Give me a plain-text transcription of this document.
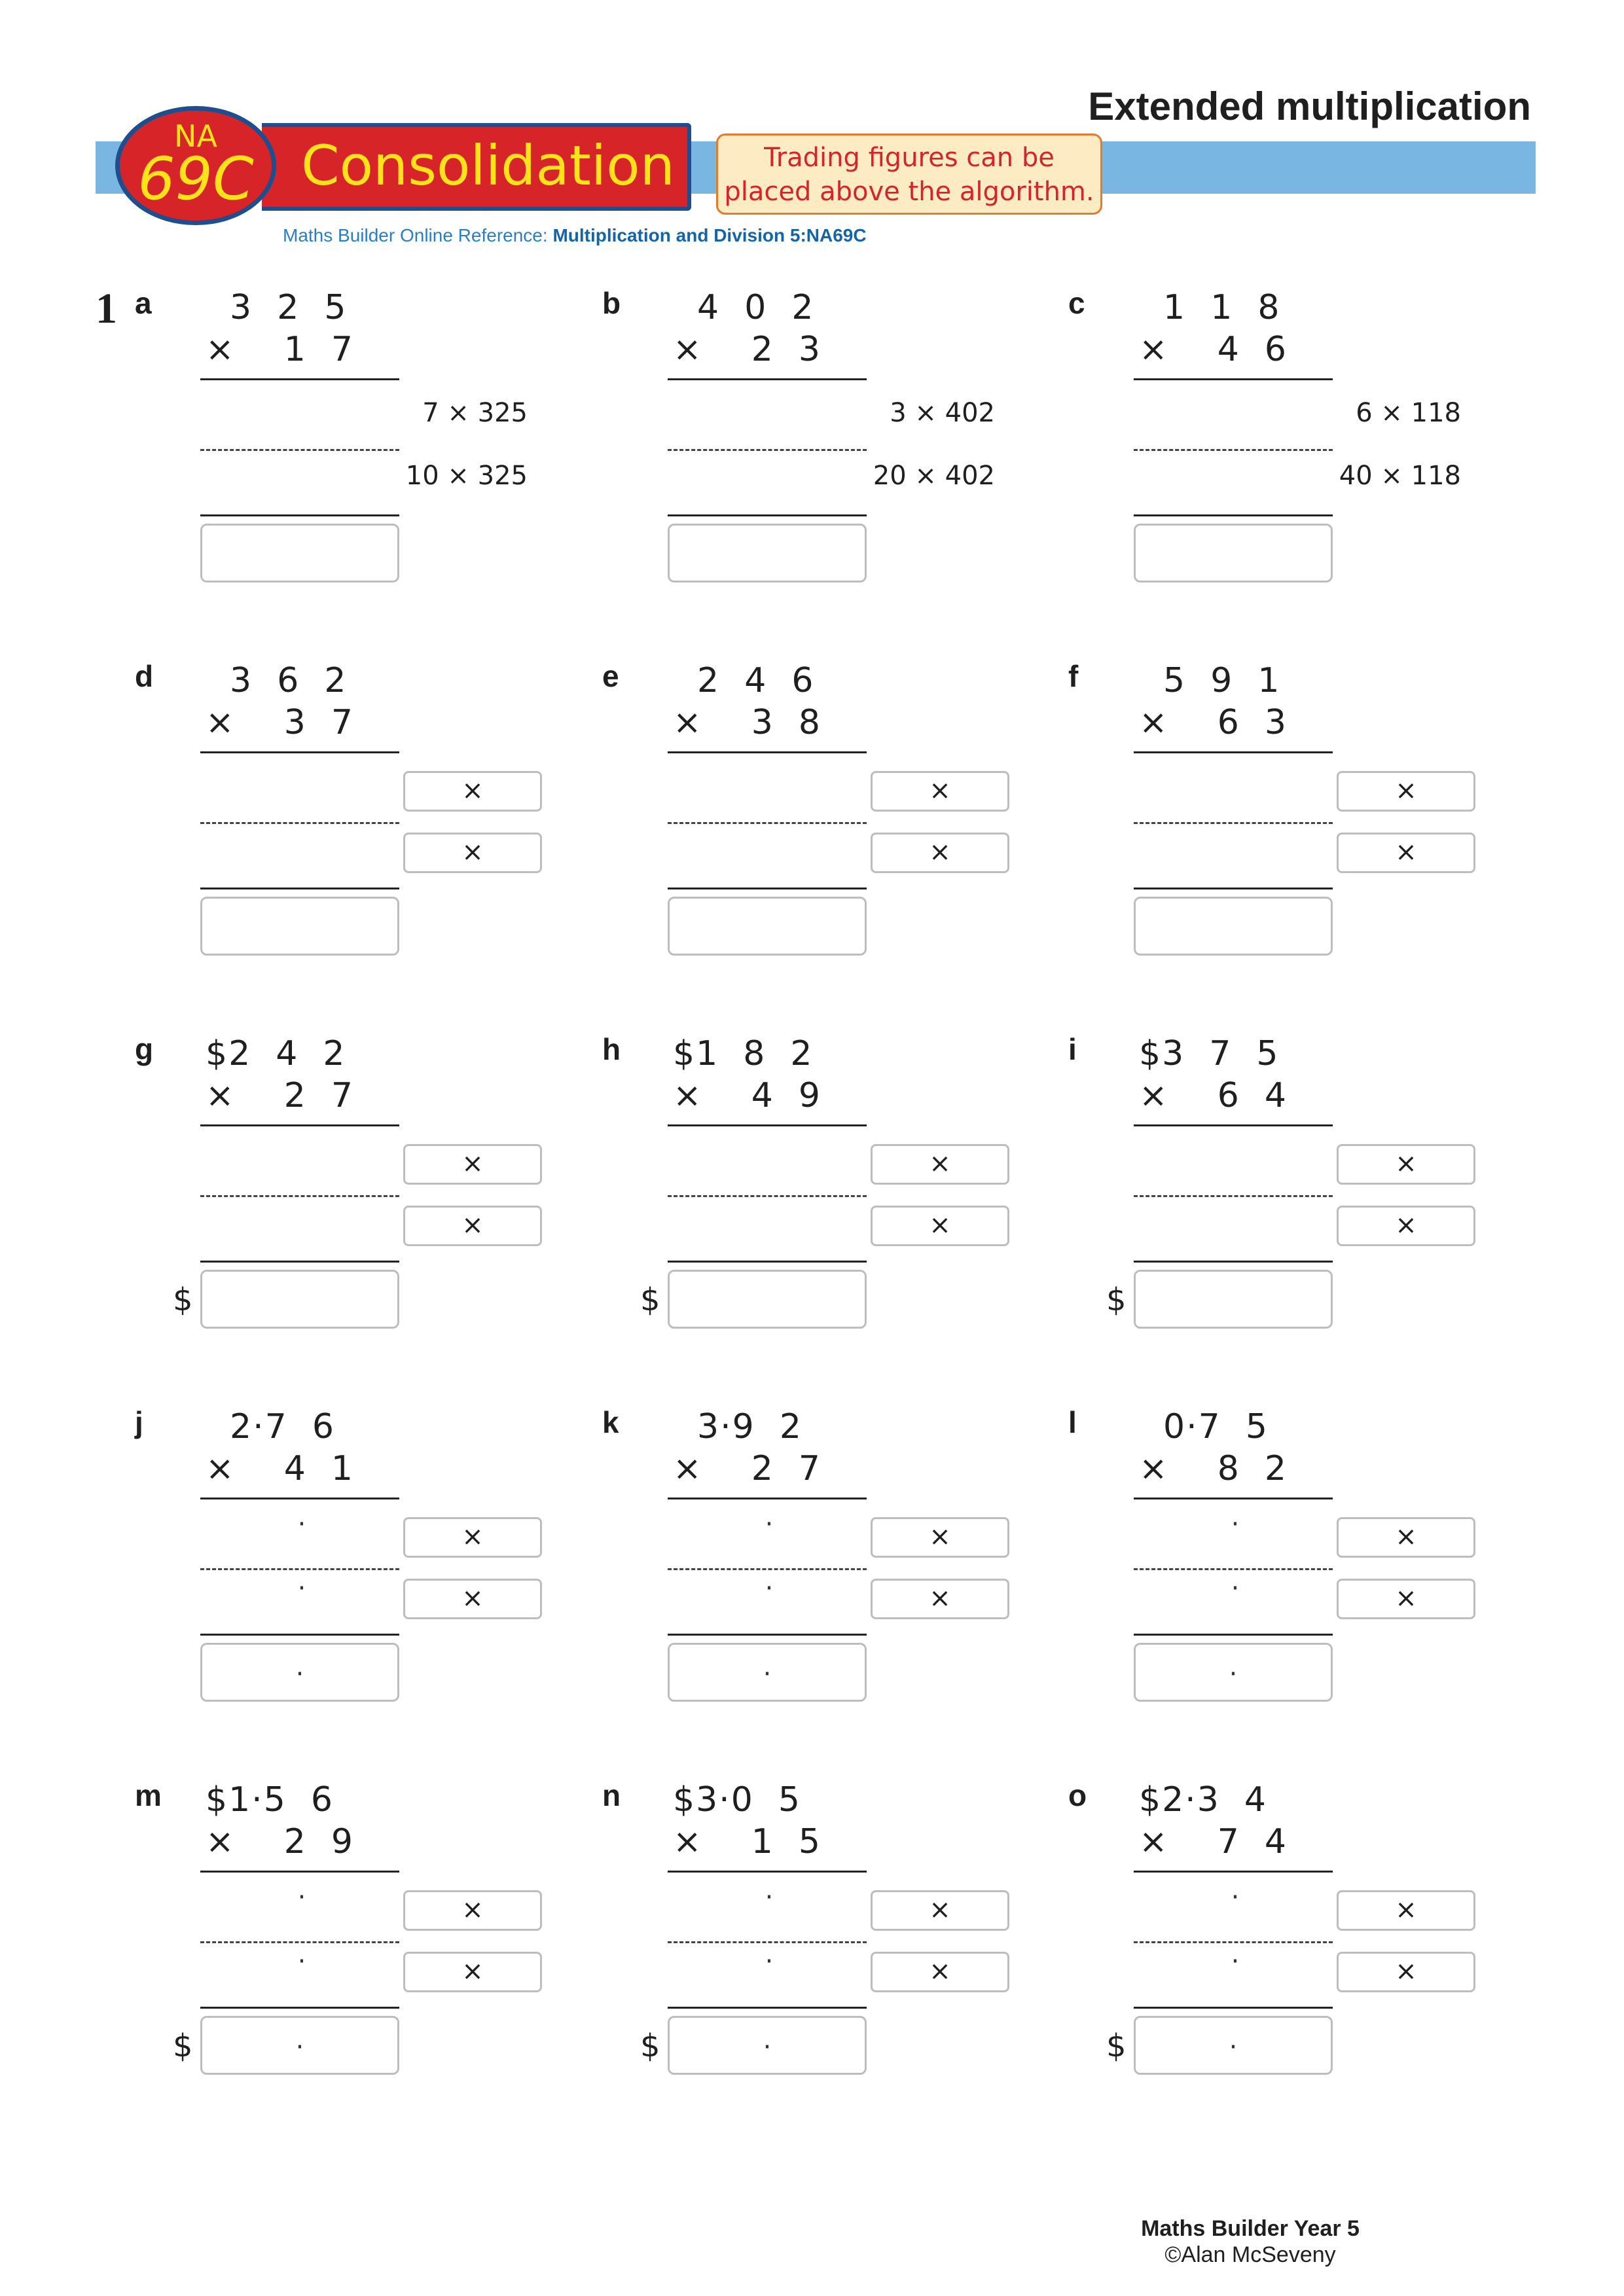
Extended multiplication
Consolidation
NA
69C	Trading figures can be placed above the algorithm.
Maths Builder Online Reference: Multiplication and Division 5:NA69C
1 a 3  2  5
×    1  7
7 × 325
10 × 325
b 4  0  2
×    2  3
3 × 402
20 × 402
c 1  1  8
×    4  6
6 × 118
40 × 118
d 3  6  2
×    3  7
×
×
e 2  4  6
×    3  8
×
×
f 5  9  1
×    6  3
×
×
g $2  4  2
×    2  7
×
×
$
h $1  8  2
×    4  9
×
×
$
i $3  7  5
×    6  4
×
×
$
j 2·7  6
×    4  1
·
·
×
×
·
k 3·9  2
×    2  7
·
·
×
×
·
l 0·7  5
×    8  2
·
·
×
×
·
m $1·5  6
×    2  9
·
·
×
×
·
$
n $3·0  5
×    1  5
·
·
×
×
·
$
o $2·3  4
×    7  4
·
·
×
×
·
$
Maths Builder Year 5
©Alan McSeveny
